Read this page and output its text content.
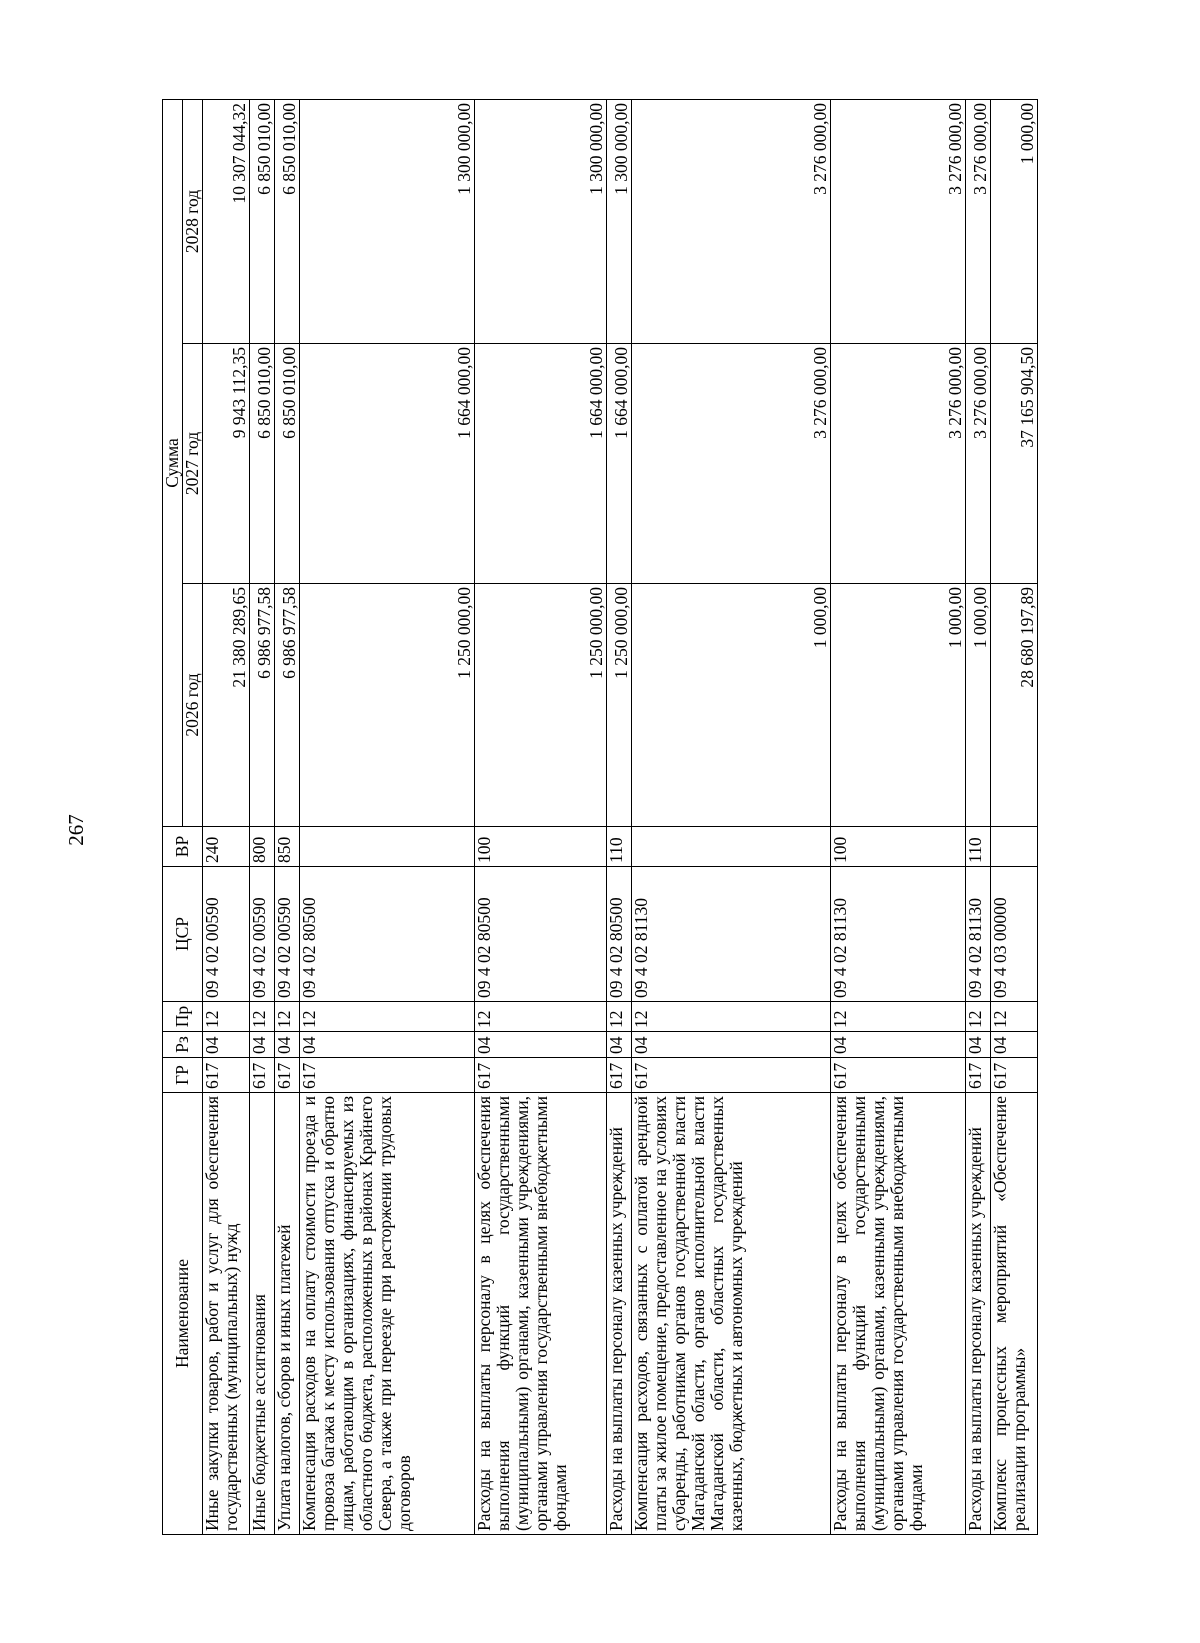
267
Наименование	ГР	Рз	Пр	ЦСР	ВР	Сумма		
						2026 год	2027 год	2028 год
Иные закупки товаров, работ и услуг для обеспечения государственных (муниципальных) нужд	617	04	12	09 4 02 00590	240	21 380 289,65	9 943 112,35	10 307 044,32
Иные бюджетные ассигнования	617	04	12	09 4 02 00590	800	6 986 977,58	6 850 010,00	6 850 010,00
Уплата налогов, сборов и иных платежей	617	04	12	09 4 02 00590	850	6 986 977,58	6 850 010,00	6 850 010,00
Компенсация расходов на оплату стоимости проезда и провоза багажа к месту использования отпуска и обратно лицам, работающим в организациях, финансируемых из областного бюджета, расположенных в районах Крайнего Севера, а также при переезде при расторжении трудовых договоров	617	04	12	09 4 02 80500		1 250 000,00	1 664 000,00	1 300 000,00
Расходы на выплаты персоналу в целях обеспечения выполнения функций государственными (муниципальными) органами, казенными учреждениями, органами управления государственными внебюджетными фондами	617	04	12	09 4 02 80500	100	1 250 000,00	1 664 000,00	1 300 000,00
Расходы на выплаты персоналу казенных учреждений	617	04	12	09 4 02 80500	110	1 250 000,00	1 664 000,00	1 300 000,00
Компенсация расходов, связанных с оплатой арендной платы за жилое помещение, предоставленное на условиях субаренды, работникам органов государственной власти Магаданской области, органов исполнительной власти Магаданской области, областных государственных казенных, бюджетных и автономных учреждений	617	04	12	09 4 02 81130		1 000,00	3 276 000,00	3 276 000,00
Расходы на выплаты персоналу в целях обеспечения выполнения функций государственными (муниципальными) органами, казенными учреждениями, органами управления государственными внебюджетными фондами	617	04	12	09 4 02 81130	100	1 000,00	3 276 000,00	3 276 000,00
Расходы на выплаты персоналу казенных учреждений	617	04	12	09 4 02 81130	110	1 000,00	3 276 000,00	3 276 000,00
Комплекс процессных мероприятий «Обеспечение реализации программы»	617	04	12	09 4 03 00000		28 680 197,89	37 165 904,50	1 000,00
